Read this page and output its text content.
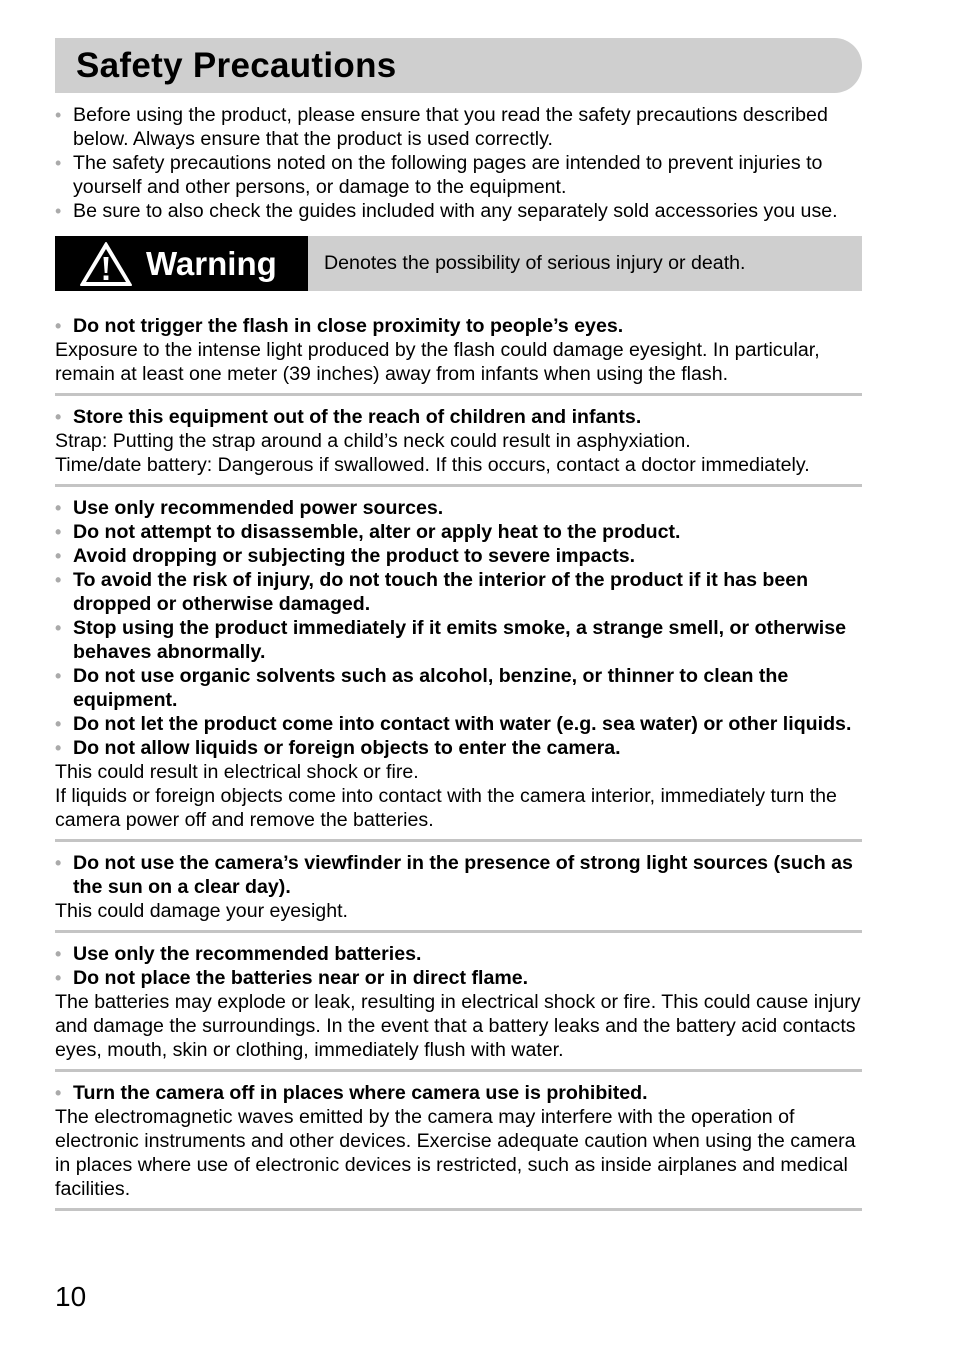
Safety Precautions
• Before using the product, please ensure that you read the safety precautions described below. Always ensure that the product is used correctly.
• The safety precautions noted on the following pages are intended to prevent injuries to yourself and other persons, or damage to the equipment.
• Be sure to also check the guides included with any separately sold accessories you use.
Warning	Denotes the possibility of serious injury or death.
• Do not trigger the flash in close proximity to people’s eyes.
Exposure to the intense light produced by the flash could damage eyesight. In particular, remain at least one meter (39 inches) away from infants when using the flash.
• Store this equipment out of the reach of children and infants.
Strap: Putting the strap around a child’s neck could result in asphyxiation.
Time/date battery: Dangerous if swallowed. If this occurs, contact a doctor immediately.
• Use only recommended power sources.
• Do not attempt to disassemble, alter or apply heat to the product.
• Avoid dropping or subjecting the product to severe impacts.
• To avoid the risk of injury, do not touch the interior of the product if it has been dropped or otherwise damaged.
• Stop using the product immediately if it emits smoke, a strange smell, or otherwise behaves abnormally.
• Do not use organic solvents such as alcohol, benzine, or thinner to clean the equipment.
• Do not let the product come into contact with water (e.g. sea water) or other liquids.
• Do not allow liquids or foreign objects to enter the camera.
This could result in electrical shock or fire.
If liquids or foreign objects come into contact with the camera interior, immediately turn the camera power off and remove the batteries.
• Do not use the camera’s viewfinder in the presence of strong light sources (such as the sun on a clear day).
This could damage your eyesight.
• Use only the recommended batteries.
• Do not place the batteries near or in direct flame.
The batteries may explode or leak, resulting in electrical shock or fire. This could cause injury and damage the surroundings. In the event that a battery leaks and the battery acid contacts eyes, mouth, skin or clothing, immediately flush with water.
• Turn the camera off in places where camera use is prohibited.
The electromagnetic waves emitted by the camera may interfere with the operation of electronic instruments and other devices. Exercise adequate caution when using the camera in places where use of electronic devices is restricted, such as inside airplanes and medical facilities.
10
